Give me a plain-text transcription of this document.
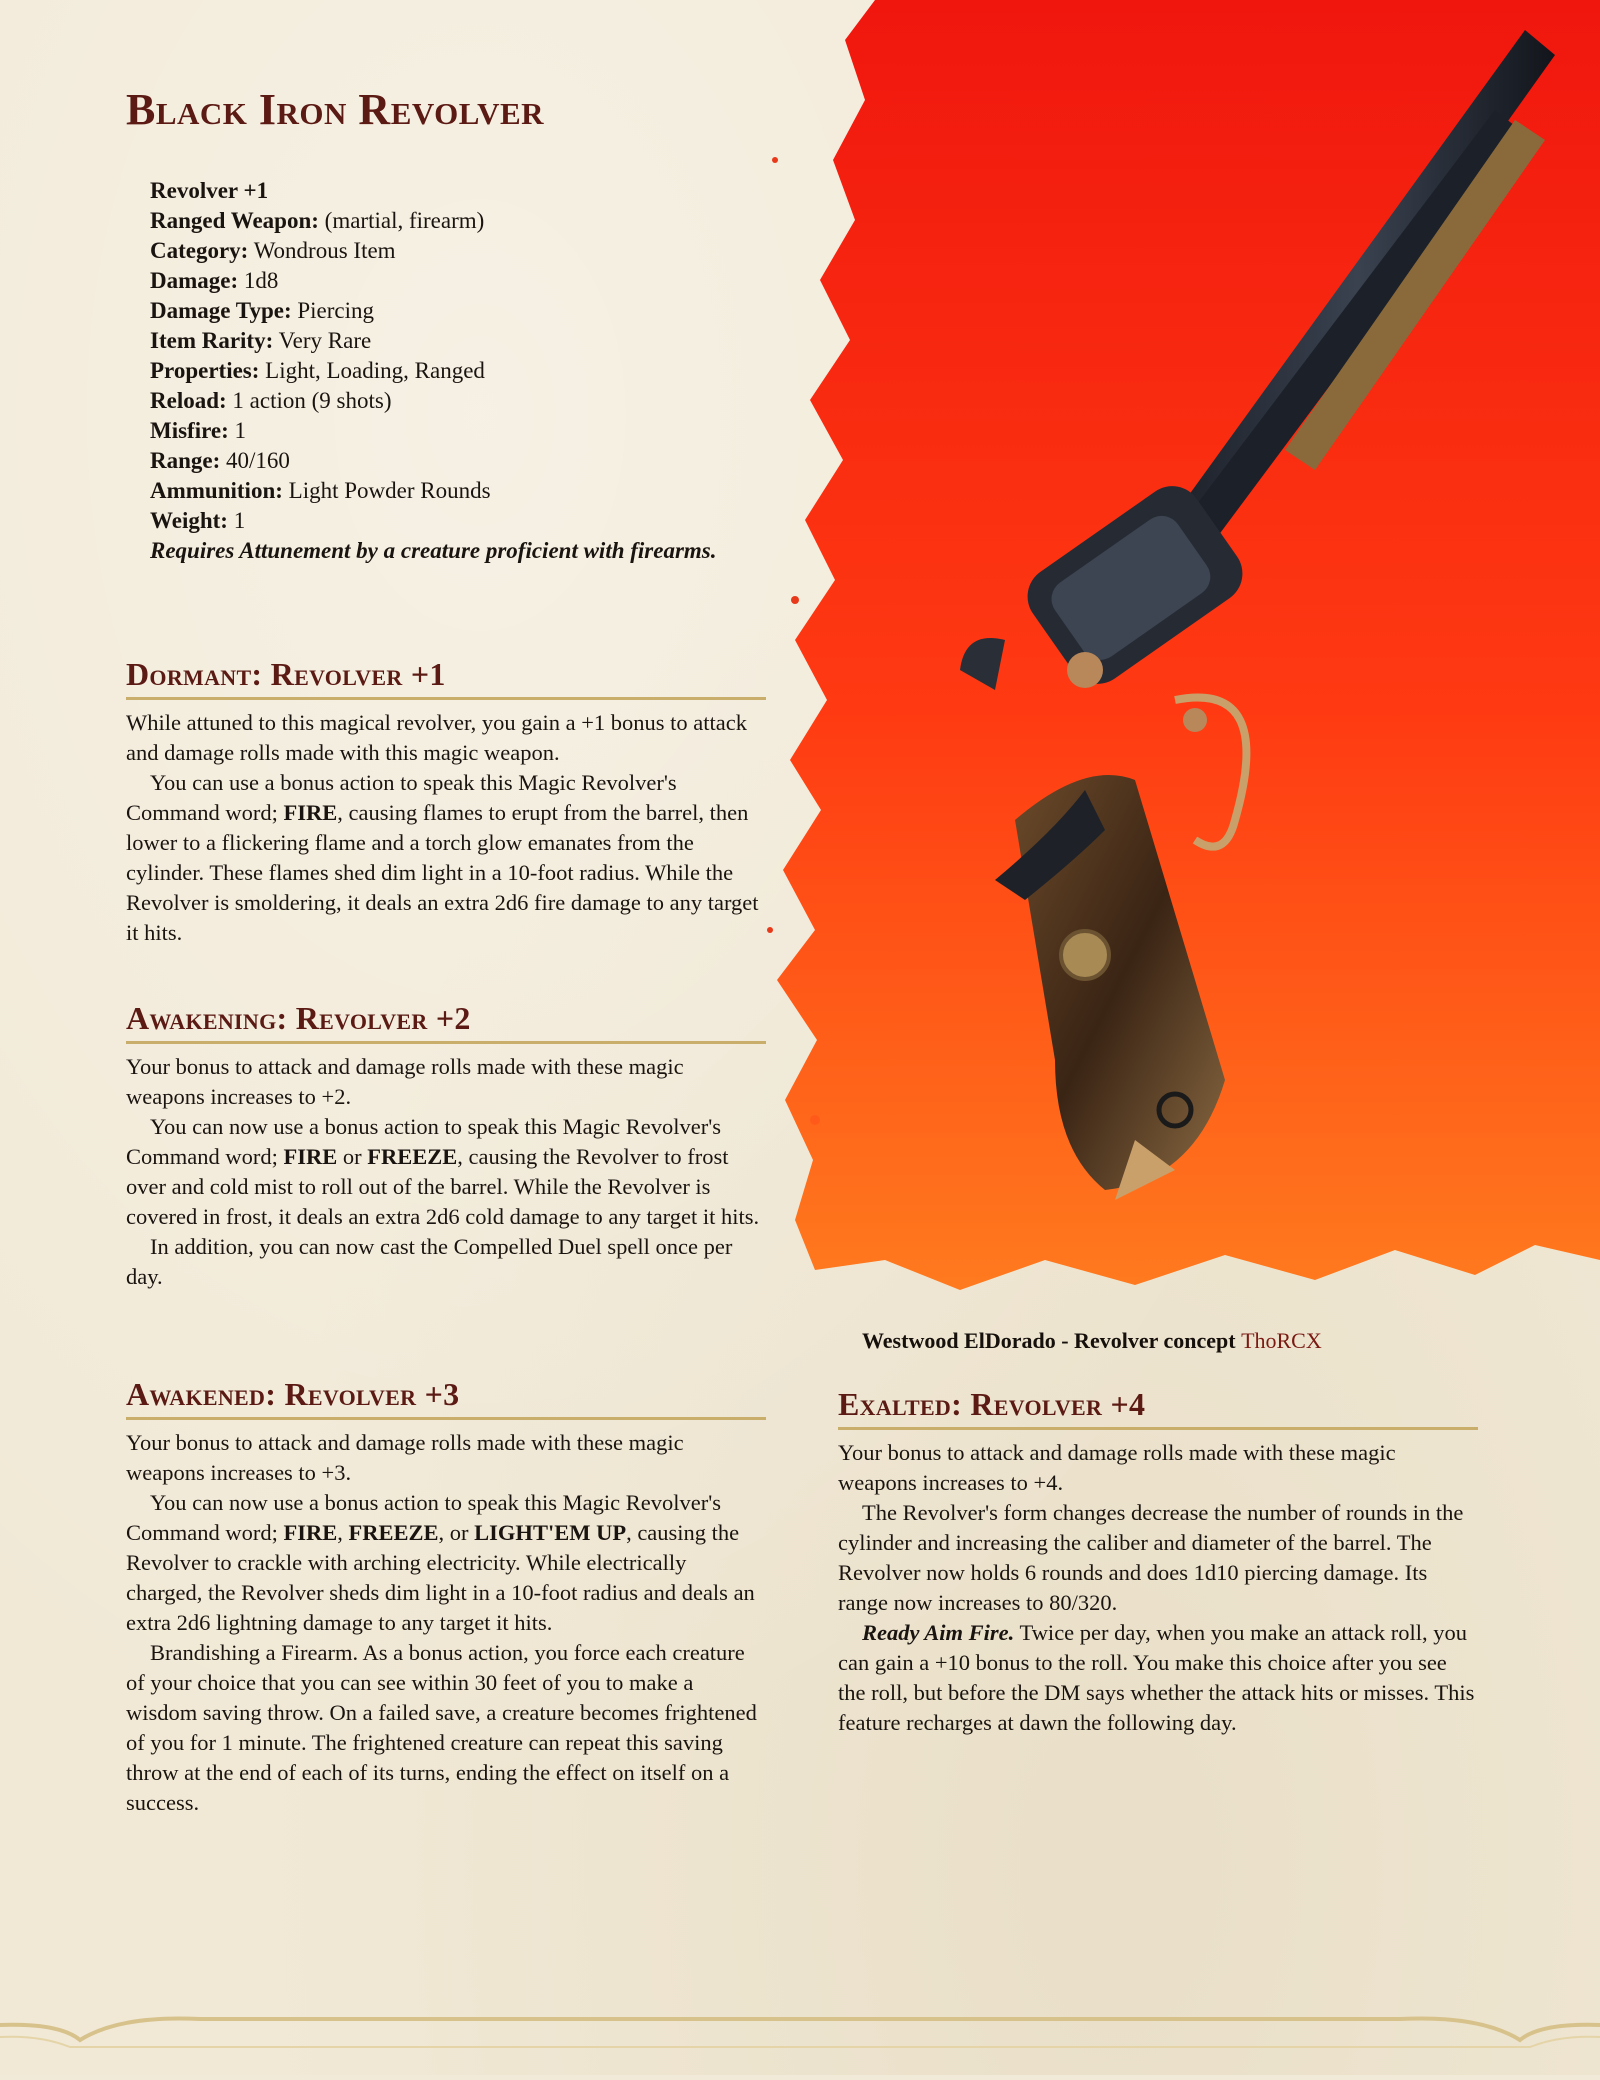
Westwood ElDorado - Revolver concept ThoRCX
Black Iron Revolver
Revolver +1
Ranged Weapon: (martial, firearm)
Category: Wondrous Item
Damage: 1d8
Damage Type: Piercing
Item Rarity: Very Rare
Properties: Light, Loading, Ranged
Reload: 1 action (9 shots)
Misfire: 1
Range: 40/160
Ammunition: Light Powder Rounds
Weight: 1
Requires Attunement by a creature proficient with firearms.
Dormant: Revolver +1

While attuned to this magical revolver, you gain a +1 bonus to attack and damage rolls made with this magic weapon.

You can use a bonus action to speak this Magic Revolver's Command word; FIRE, causing flames to erupt from the barrel, then lower to a flickering flame and a torch glow emanates from the cylinder. These flames shed dim light in a 10-foot radius. While the Revolver is smoldering, it deals an extra 2d6 fire damage to any target it hits.

Awakening: Revolver +2

Your bonus to attack and damage rolls made with these magic weapons increases to +2.

You can now use a bonus action to speak this Magic Revolver's Command word; FIRE or FREEZE, causing the Revolver to frost over and cold mist to roll out of the barrel. While the Revolver is covered in frost, it deals an extra 2d6 cold damage to any target it hits.

In addition, you can now cast the Compelled Duel spell once per day.

Awakened: Revolver +3

Your bonus to attack and damage rolls made with these magic weapons increases to +3.

You can now use a bonus action to speak this Magic Revolver's Command word; FIRE, FREEZE, or LIGHT'EM UP, causing the Revolver to crackle with arching electricity. While electrically charged, the Revolver sheds dim light in a 10-foot radius and deals an extra 2d6 lightning damage to any target it hits.

Brandishing a Firearm. As a bonus action, you force each creature of your choice that you can see within 30 feet of you to make a wisdom saving throw. On a failed save, a creature becomes frightened of you for 1 minute. The frightened creature can repeat this saving throw at the end of each of its turns, ending the effect on itself on a success.

Exalted: Revolver +4

Your bonus to attack and damage rolls made with these magic weapons increases to +4.

The Revolver's form changes decrease the number of rounds in the cylinder and increasing the caliber and diameter of the barrel. The Revolver now holds 6 rounds and does 1d10 piercing damage. Its range now increases to 80/320.

Ready Aim Fire. Twice per day, when you make an attack roll, you can gain a +10 bonus to the roll. You make this choice after you see the roll, but before the DM says whether the attack hits or misses. This feature recharges at dawn the following day.
